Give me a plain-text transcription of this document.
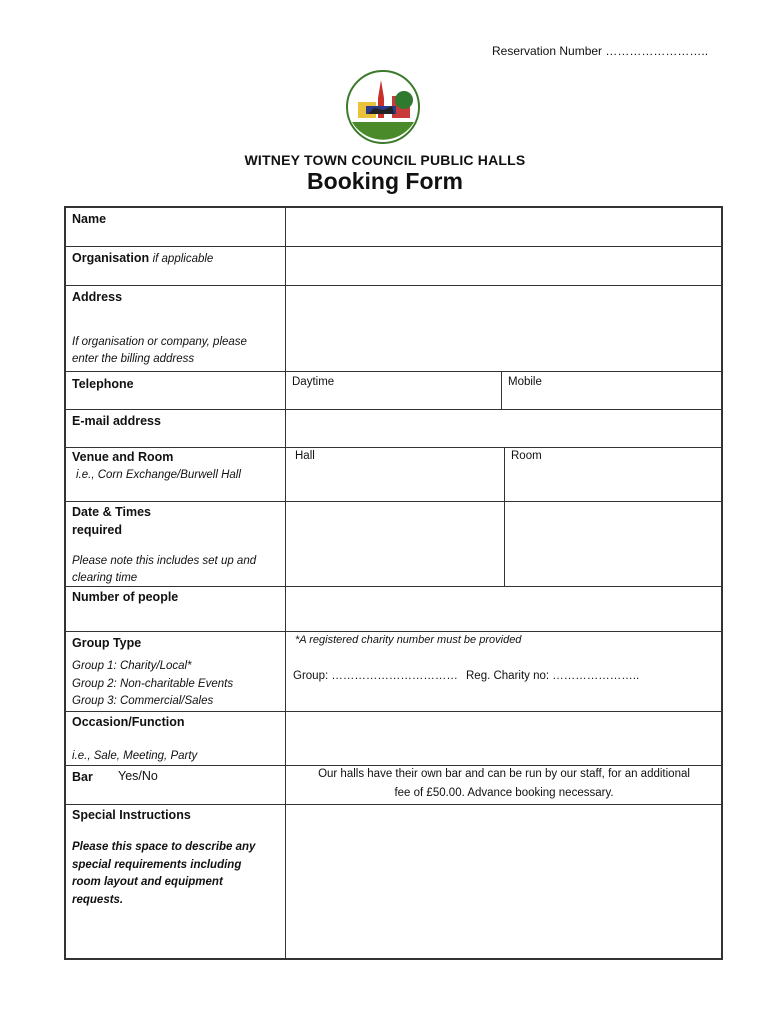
Reservation Number ……………………..
WITNEY TOWN COUNCIL PUBLIC HALLS
Booking Form
Name
Organisation if applicable
Address
If organisation or company, please
enter the billing address
Telephone	Daytime	Mobile
E-mail address
Venue and Room
i.e., Corn Exchange/Burwell Hall
Hall	Room
Date & Times
required
Please note this includes set up and
clearing time
Number of people
Group Type
Group 1: Charity/Local*
Group 2: Non-charitable Events
Group 3: Commercial/Sales
*A registered charity number must be provided
Group: …………………………… Reg. Charity no: …………………..
Occasion/Function
i.e., Sale, Meeting, Party
Bar Yes/No	Our halls have their own bar and can be run by our staff, for an additional
fee of £50.00. Advance booking necessary.
Special Instructions
Please this space to describe any
special requirements including
room layout and equipment
requests.
